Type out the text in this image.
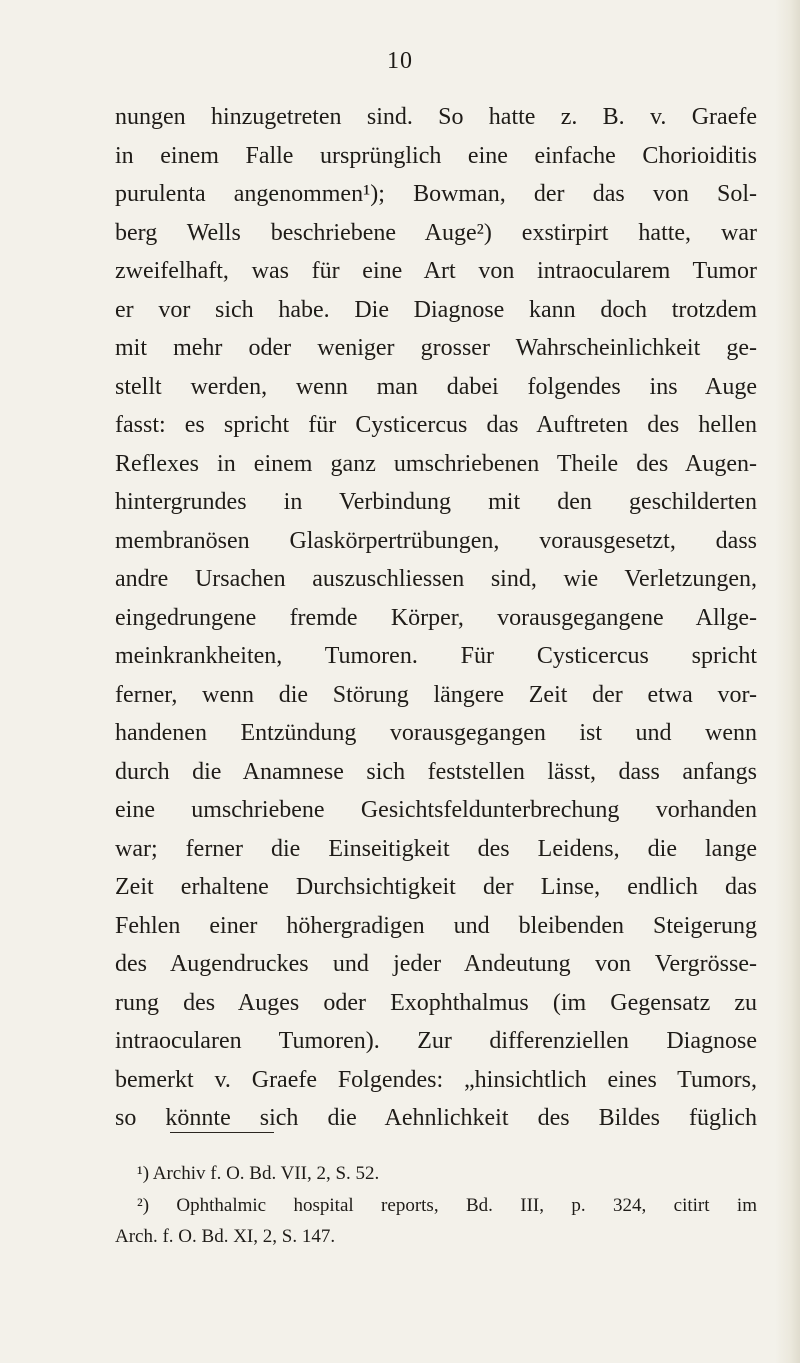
10
nungen hinzugetreten sind. So hatte z. B. v. Graefe
in einem Falle ursprünglich eine einfache Chorioiditis
purulenta angenommen¹); Bowman, der das von Sol-
berg Wells beschriebene Auge²) exstirpirt hatte, war
zweifelhaft, was für eine Art von intraocularem Tumor
er vor sich habe. Die Diagnose kann doch trotzdem
mit mehr oder weniger grosser Wahrscheinlichkeit ge-
stellt werden, wenn man dabei folgendes ins Auge
fasst: es spricht für Cysticercus das Auftreten des hellen
Reflexes in einem ganz umschriebenen Theile des Augen-
hintergrundes in Verbindung mit den geschilderten
membranösen Glaskörpertrübungen, vorausgesetzt, dass
andre Ursachen auszuschliessen sind, wie Verletzungen,
eingedrungene fremde Körper, vorausgegangene Allge-
meinkrankheiten, Tumoren. Für Cysticercus spricht
ferner, wenn die Störung längere Zeit der etwa vor-
handenen Entzündung vorausgegangen ist und wenn
durch die Anamnese sich feststellen lässt, dass anfangs
eine umschriebene Gesichtsfeldunterbrechung vorhanden
war; ferner die Einseitigkeit des Leidens, die lange
Zeit erhaltene Durchsichtigkeit der Linse, endlich das
Fehlen einer höhergradigen und bleibenden Steigerung
des Augendruckes und jeder Andeutung von Vergrösse-
rung des Auges oder Exophthalmus (im Gegensatz zu
intraocularen Tumoren). Zur differenziellen Diagnose
bemerkt v. Graefe Folgendes: „hinsichtlich eines Tumors,
so könnte sich die Aehnlichkeit des Bildes füglich
¹) Archiv f. O. Bd. VII, 2, S. 52.
²) Ophthalmic hospital reports, Bd. III, p. 324, citirt im
Arch. f. O. Bd. XI, 2, S. 147.
